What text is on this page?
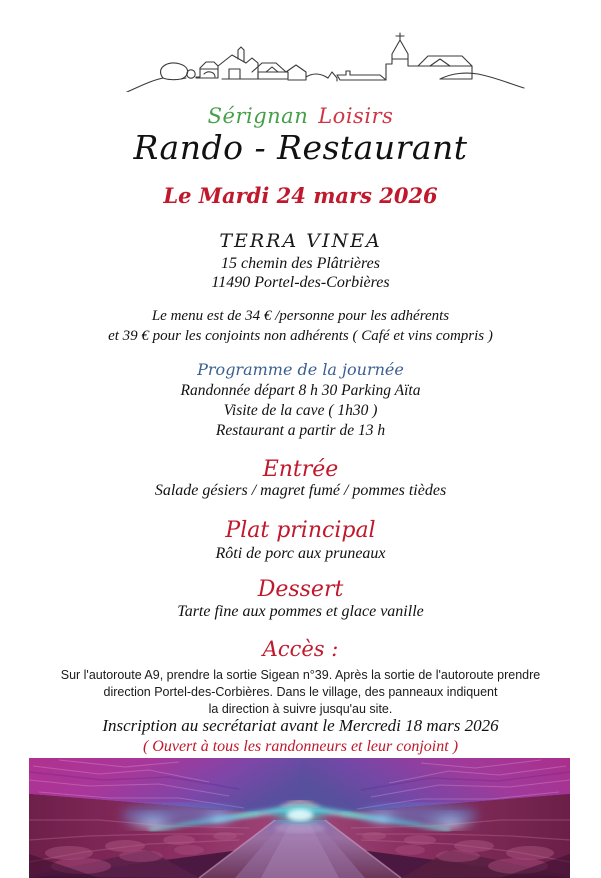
Sérignan Loisirs
Rando - Restaurant
Le Mardi 24 mars 2026
TERRA VINEA
15 chemin des Plâtrières
11490 Portel-des-Corbières
Le menu est de 34 € /personne pour les adhérents
et 39 € pour les conjoints non adhérents ( Café et vins compris )
Programme de la journée
Randonnée départ 8 h 30 Parking Aïta
Visite de la cave ( 1h30 )
Restaurant a partir de 13 h
Entrée
Salade gésiers / magret fumé / pommes tièdes
Plat principal
Rôti de porc aux pruneaux
Dessert
Tarte fine aux pommes et glace vanille
Accès :
Sur l'autoroute A9, prendre la sortie Sigean n°39. Après la sortie de l'autoroute prendre
direction Portel-des-Corbières. Dans le village, des panneaux indiquent
la direction à suivre jusqu'au site.
Inscription au secrétariat avant le Mercredi 18 mars 2026
( Ouvert à tous les randonneurs et leur conjoint )
